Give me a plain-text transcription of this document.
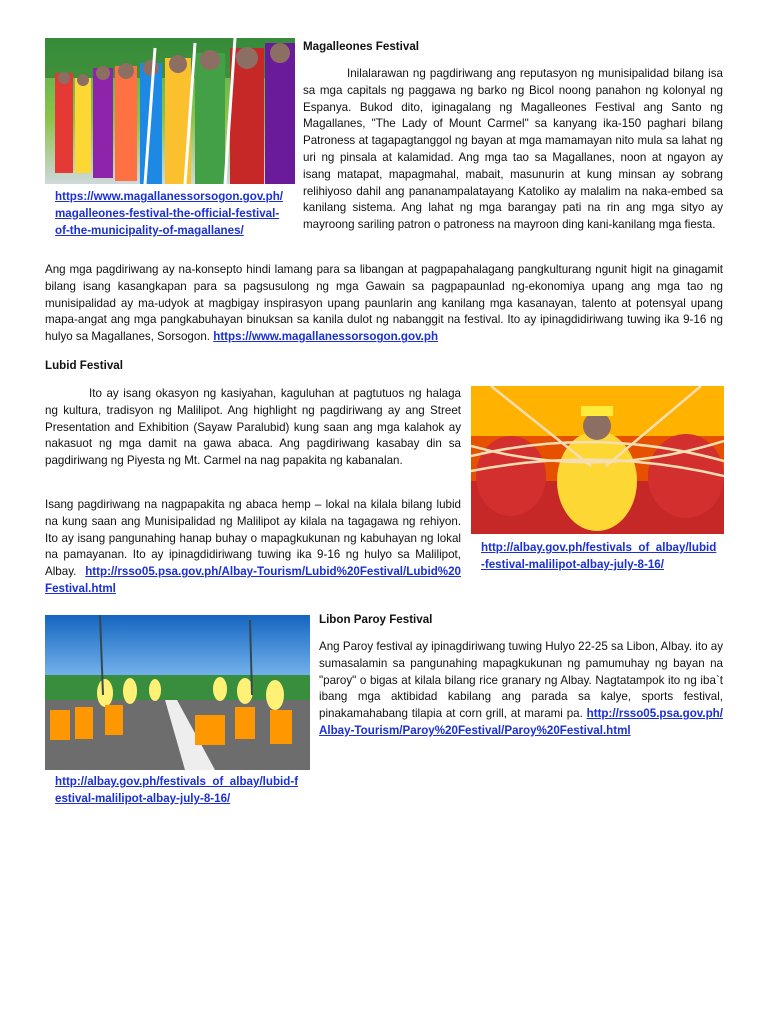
https://www.magallanessorsogon.gov.ph/magalleones-festival-the-official-festival-of-the-municipality-of-magallanes/
Magalleones Festival
Inilalarawan ng pagdiriwang ang reputasyon ng munisipalidad bilang isa sa mga capitals ng paggawa ng barko ng Bicol noong panahon ng kolonyal ng Espanya. Bukod dito, iginagalang ng Magalleones Festival ang Santo ng Magallanes, "The Lady of Mount Carmel" sa kanyang ika-150 paghari bilang Patroness at tagapagtanggol ng bayan at mga mamamayan nito mula sa lahat ng uri ng pinsala at kalamidad. Ang mga tao sa Magallanes, noon at ngayon ay isang matapat, mapagmahal, mabait, masunurin at kung minsan ay sobrang relihiyoso dahil ang pananampalatayang Katoliko ay malalim na naka-embed sa kanilang sistema. Ang lahat ng mga barangay pati na rin ang mga sityo ay mayroong sariling patron o patroness na mayroon ding kani-kanilang mga fiesta.
Ang mga pagdiriwang ay na-konsepto hindi lamang para sa libangan at pagpapahalagang pangkulturang ngunit higit na ginagamit bilang isang kasangkapan para sa pagsusulong ng mga Gawain sa pagpapaunlad ng-ekonomiya upang ang mga tao ng munisipalidad ay ma-udyok at magbigay inspirasyon upang paunlarin ang kanilang mga kasanayan, talento at potensyal upang mapa-angat ang mga pangkabuhayan binuksan sa kanila dulot ng nabanggit na festival. Ito ay ipinagdidiriwang tuwing ika 9-16 ng hulyo sa Magallanes, Sorsogon. https://www.magallanessorsogon.gov.ph
Lubid Festival
Ito ay isang okasyon ng kasiyahan, kaguluhan at pagtutuos ng halaga ng kultura, tradisyon ng Malilipot. Ang highlight ng pagdiriwang ay ang Street Presentation and Exhibition (Sayaw Paralubid) kung saan ang mga kalahok ay nakasuot ng mga damit na gawa abaca. Ang pagdiriwang kasabay din sa pagdiriwang ng Piyesta ng Mt. Carmel na nag papakita ng kabanalan.
Isang pagdiriwang na nagpapakita ng abaca hemp – lokal na kilala bilang lubid na kung saan ang Munisipalidad ng Malilipot ay kilala na tagagawa ng rehiyon. Ito ay isang pangunahing hanap buhay o mapagkukunan ng kabuhayan ng lokal na pamayanan. Ito ay ipinagdidiriwang tuwing ika 9-16 ng hulyo sa Malilipot, Albay. http://rsso05.psa.gov.ph/Albay-Tourism/Lubid%20Festival/Lubid%20Festival.html
http://albay.gov.ph/festivals_of_albay/lubid-festival-malilipot-albay-july-8-16/
http://albay.gov.ph/festivals_of_albay/lubid-festival-malilipot-albay-july-8-16/
Libon Paroy Festival
Ang Paroy festival ay ipinagdiriwang tuwing Hulyo 22-25 sa Libon, Albay. ito ay sumasalamin sa pangunahing mapagkukunan ng pamumuhay ng bayan na "paroy" o bigas at kilala bilang rice granary ng Albay. Nagtatampok ito ng iba`t ibang mga aktibidad kabilang ang parada sa kalye, sports festival, pinakamahabang tilapia at corn grill, at marami pa. http://rsso05.psa.gov.ph/Albay-Tourism/Paroy%20Festival/Paroy%20Festival.html
